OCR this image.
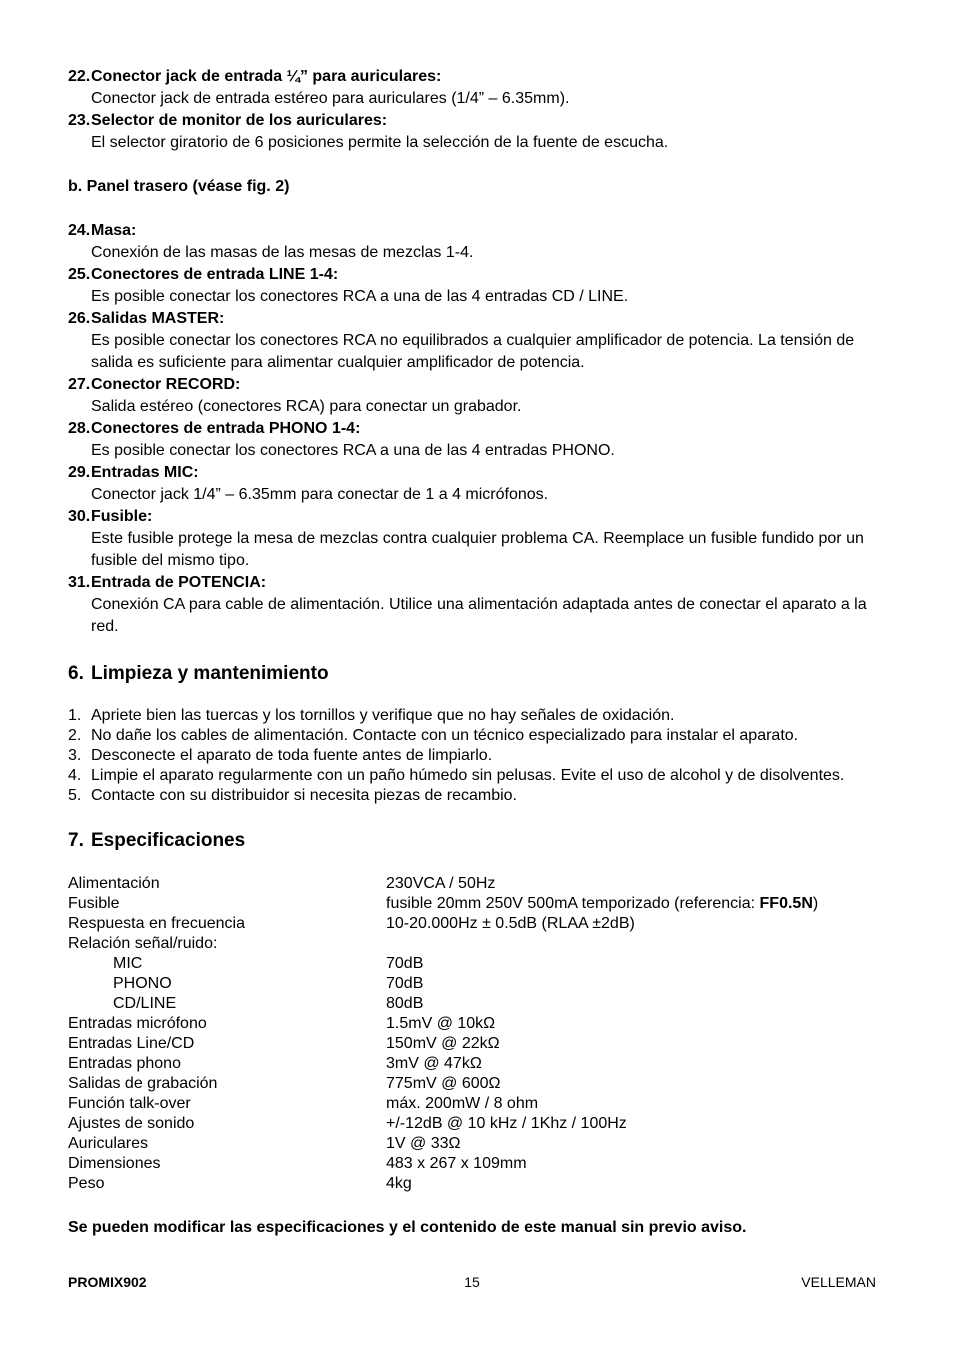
22. Conector jack de entrada ¼” para auriculares:
Conector jack de entrada estéreo para auriculares (1/4” – 6.35mm).
23. Selector de monitor de los auriculares:
El selector giratorio de 6 posiciones permite la selección de la fuente de escucha.
b. Panel trasero (véase fig. 2)
24. Masa:
Conexión de las masas de las mesas de mezclas 1-4.
25. Conectores de entrada LINE 1-4:
Es posible conectar los conectores RCA a una de las 4 entradas CD / LINE.
26. Salidas MASTER:
Es posible conectar los conectores RCA no equilibrados a cualquier amplificador de potencia. La tensión de salida es suficiente para alimentar cualquier amplificador de potencia.
27. Conector RECORD:
Salida estéreo (conectores RCA) para conectar un grabador.
28. Conectores de entrada PHONO 1-4:
Es posible conectar los conectores RCA a una de las 4 entradas PHONO.
29. Entradas MIC:
Conector jack 1/4” – 6.35mm para conectar de 1 a 4 micrófonos.
30. Fusible:
Este fusible protege la mesa de mezclas contra cualquier problema CA. Reemplace un fusible fundido por un fusible del mismo tipo.
31. Entrada de POTENCIA:
Conexión CA para cable de alimentación. Utilice una alimentación adaptada antes de conectar el aparato a la red.
6. Limpieza y mantenimiento
1. Apriete bien las tuercas y los tornillos y verifique que no hay señales de oxidación.
2. No dañe los cables de alimentación. Contacte con un técnico especializado para instalar el aparato.
3. Desconecte el aparato de toda fuente antes de limpiarlo.
4. Limpie el aparato regularmente con un paño húmedo sin pelusas. Evite el uso de alcohol y de disolventes.
5. Contacte con su distribuidor si necesita piezas de recambio.
7. Especificaciones
Alimentación	230VCA / 50Hz
Fusible	fusible 20mm 250V 500mA temporizado (referencia: FF0.5N)
Respuesta en frecuencia	10-20.000Hz ± 0.5dB (RLAA ±2dB)
Relación señal/ruido:
MIC	70dB
PHONO	70dB
CD/LINE	80dB
Entradas micrófono	1.5mV @ 10kΩ
Entradas Line/CD	150mV @ 22kΩ
Entradas phono	3mV @ 47kΩ
Salidas de grabación	775mV @ 600Ω
Función talk-over	máx. 200mW / 8 ohm
Ajustes de sonido	+/-12dB @ 10 kHz / 1Khz / 100Hz
Auriculares	1V @ 33Ω
Dimensiones	483 x 267 x 109mm
Peso	4kg
Se pueden modificar las especificaciones y el contenido de este manual sin previo aviso.
PROMIX902	15	VELLEMAN
